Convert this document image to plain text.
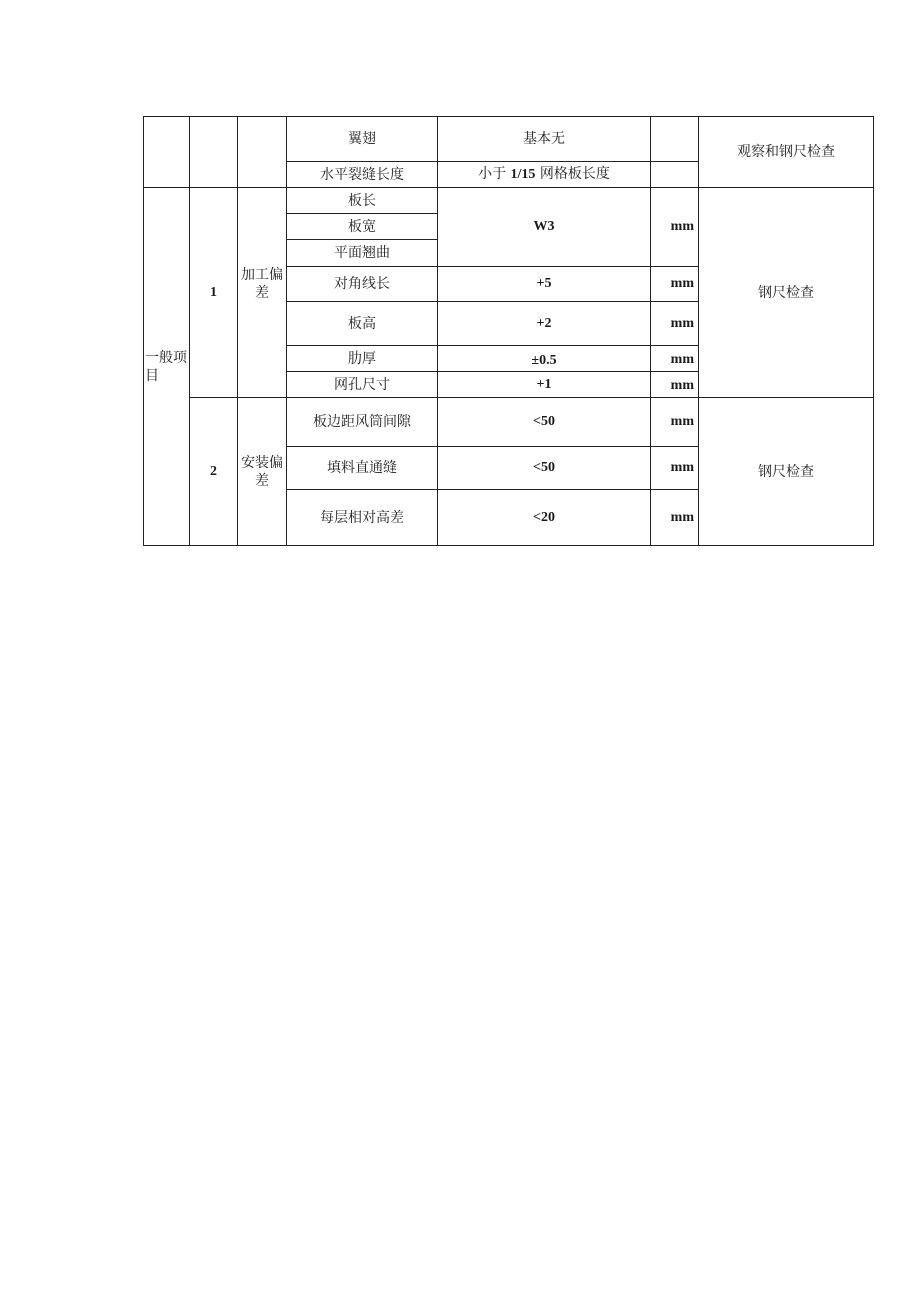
			翼翅	基本无		观察和钢尺检查
			水平裂缝长度	小于 1/15 网格板长度		
一般项目	1	加工偏差	板长	W3	mm	钢尺检查
			板宽			
			平面翘曲			
			对角线长	+5	mm	
			板高	+2	mm	
			肋厚	±0.5	mm	
			网孔尺寸	+1	mm	
	2	安装偏差	板边距风筒间隙	<50	mm	钢尺检查
			填料直通缝	<50	mm	
			每层相对高差	<20	mm	
